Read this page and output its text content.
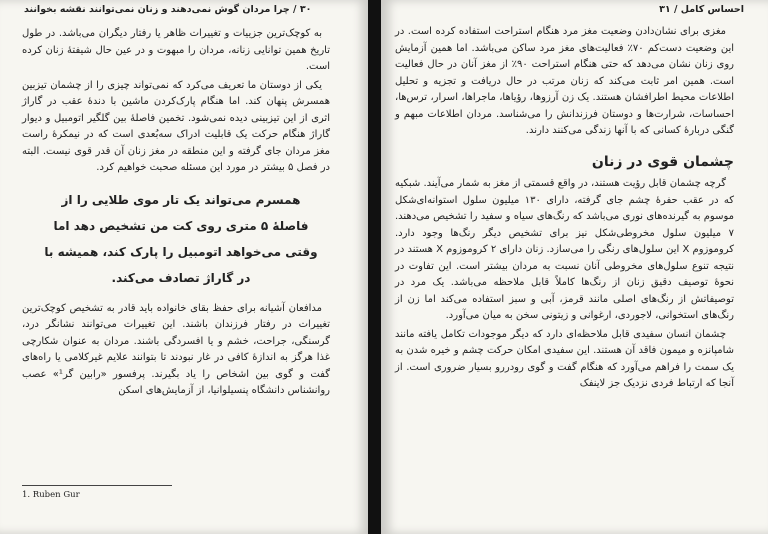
۳۰ / چرا مردان گوش نمی‌دهند و زنان نمی‌توانند نقشه بخوانند

به کوچک‌ترین جزییات و تغییرات ظاهر یا رفتار دیگران می‌باشد. در طول تاریخ همین توانایی زنانه، مردان را مبهوت و در عین حال شیفتهٔ زنان کرده است.

یکی از دوستان ما تعریف می‌کرد که نمی‌تواند چیزی را از چشمان تیزبین همسرش پنهان کند. اما هنگام پارک‌کردن ماشین با دندهٔ عقب در گاراژ اثری از این تیزبینی دیده نمی‌شود. تخمین فاصلهٔ بین گلگیر اتومبیل و دیوار گاراژ هنگام حرکت یک قابلیت ادراک سه‌بُعدی است که در نیمکرهٔ راست مغز مردان جای گرفته و این منطقه در مغز زنان آن قدر قوی نیست. البته در فصل ۵ بیشتر در مورد این مسئله صحبت خواهیم کرد.

همسرم می‌تواند یک تار موی طلایی را از فاصلهٔ ۵ متری روی کت من تشخیص دهد اما وقتی می‌خواهد اتومبیل را پارک کند، همیشه با در گاراژ تصادف می‌کند.

مدافعان آشیانه برای حفظ بقای خانواده باید قادر به تشخیص کوچک‌ترین تغییرات در رفتار فرزندان باشند. این تغییرات می‌توانند نشانگر درد، گرسنگی، جراحت، خشم و یا افسردگی باشند. مردان به عنوان شکارچی غذا هرگز به اندازهٔ کافی در غار نبودند تا بتوانند علایم غیرکلامی یا راه‌های گفت و گوی بین اشخاص را یاد بگیرند. پرفسور «رابین گر¹» عصب روانشناس دانشگاه پنسیلوانیا، از آزمایش‌های اسکن

1. Ruben Gur
احساس کامل / ۳۱

مغزی برای نشان‌دادن وضعیت مغز مرد هنگام استراحت استفاده کرده است. در این وضعیت دست‌کم ۷۰٪ فعالیت‌های مغز مرد ساکن می‌باشد. اما همین آزمایش روی زنان نشان می‌دهد که حتی هنگام استراحت ۹۰٪ از مغز آنان در حال فعالیت است. همین امر ثابت می‌کند که زنان مرتب در حال دریافت و تجزیه و تحلیل اطلاعات محیط اطرافشان هستند. یک زن آرزوها، رؤیاها، ماجراها، اسرار، ترس‌ها، احساسات، شرارت‌ها و دوستان فرزندانش را می‌شناسد. مردان اطلاعات مبهم و گنگی دربارهٔ کسانی که با آنها زندگی می‌کنند دارند.

چشمان قوی در زنان

گرچه چشمان قابل رؤیت هستند، در واقع قسمتی از مغز به شمار می‌آیند. شبکیه که در عقب حفرهٔ چشم جای گرفته، دارای ۱۳۰ میلیون سلول استوانه‌ای‌شکل موسوم به گیرنده‌های نوری می‌باشد که رنگ‌های سیاه و سفید را تشخیص می‌دهند. ۷ میلیون سلول مخروطی‌شکل نیز برای تشخیص دیگر رنگ‌ها وجود دارد. کروموزوم X این سلول‌های رنگی را می‌سازد. زنان دارای ۲ کروموزوم X هستند در نتیجه تنوع سلول‌های مخروطی آنان نسبت به مردان بیشتر است. این تفاوت در نحوهٔ توصیف دقیق زنان از رنگ‌ها کاملاً قابل ملاحظه می‌باشد. یک مرد در توصیفاتش از رنگ‌های اصلی مانند قرمز، آبی و سبز استفاده می‌کند اما زن از رنگ‌های استخوانی، لاجوردی، ارغوانی و زیتونی سخن به میان می‌آورد.

چشمان انسان سفیدی قابل ملاحظه‌ای دارد که دیگر موجودات تکامل یافته مانند شامپانزه و میمون فاقد آن هستند. این سفیدی امکان حرکت چشم و خیره شدن به یک سمت را فراهم می‌آورد که هنگام گفت و گوی رودررو بسیار ضروری است. از آنجا که ارتباط فردی نزدیک جز لاینفک
